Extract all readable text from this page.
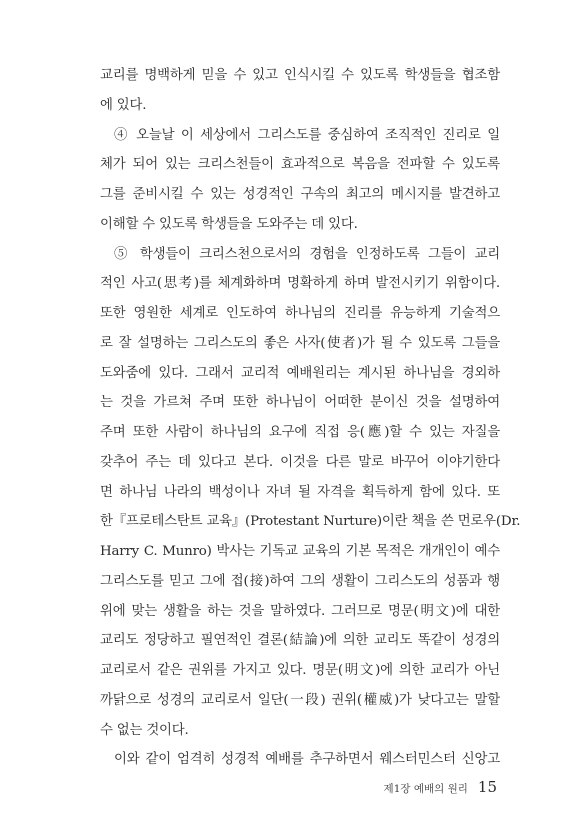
교리를 명백하게 믿을 수 있고 인식시킬 수 있도록 학생들을 협조함
에 있다.
④ 오늘날 이 세상에서 그리스도를 중심하여 조직적인 진리로 일
체가 되어 있는 크리스천들이 효과적으로 복음을 전파할 수 있도록
그를 준비시킬 수 있는 성경적인 구속의 최고의 메시지를 발견하고
이해할 수 있도록 학생들을 도와주는 데 있다.
⑤ 학생들이 크리스천으로서의 경험을 인정하도록 그들이 교리
적인 사고(思考)를 체계화하며 명확하게 하며 발전시키기 위함이다.
또한 영원한 세계로 인도하여 하나님의 진리를 유능하게 기술적으
로 잘 설명하는 그리스도의 좋은 사자(使者)가 될 수 있도록 그들을
도와줌에 있다. 그래서 교리적 예배원리는 계시된 하나님을 경외하
는 것을 가르쳐 주며 또한 하나님이 어떠한 분이신 것을 설명하여
주며 또한 사람이 하나님의 요구에 직접 응(應)할 수 있는 자질을
갖추어 주는 데 있다고 본다. 이것을 다른 말로 바꾸어 이야기한다
면 하나님 나라의 백성이나 자녀 될 자격을 획득하게 함에 있다. 또
한『프로테스탄트 교육』(Protestant Nurture)이란 책을 쓴 먼로우(Dr.
Harry C. Munro) 박사는 기독교 교육의 기본 목적은 개개인이 예수
그리스도를 믿고 그에 접(接)하여 그의 생활이 그리스도의 성품과 행
위에 맞는 생활을 하는 것을 말하였다. 그러므로 명문(明文)에 대한
교리도 정당하고 필연적인 결론(結論)에 의한 교리도 똑같이 성경의
교리로서 같은 권위를 가지고 있다. 명문(明文)에 의한 교리가 아닌
까닭으로 성경의 교리로서 일단(一段) 권위(權威)가 낮다고는 말할
수 없는 것이다.
이와 같이 엄격히 성경적 예배를 추구하면서 웨스터민스터 신앙고
제1장 예배의 원리 15
